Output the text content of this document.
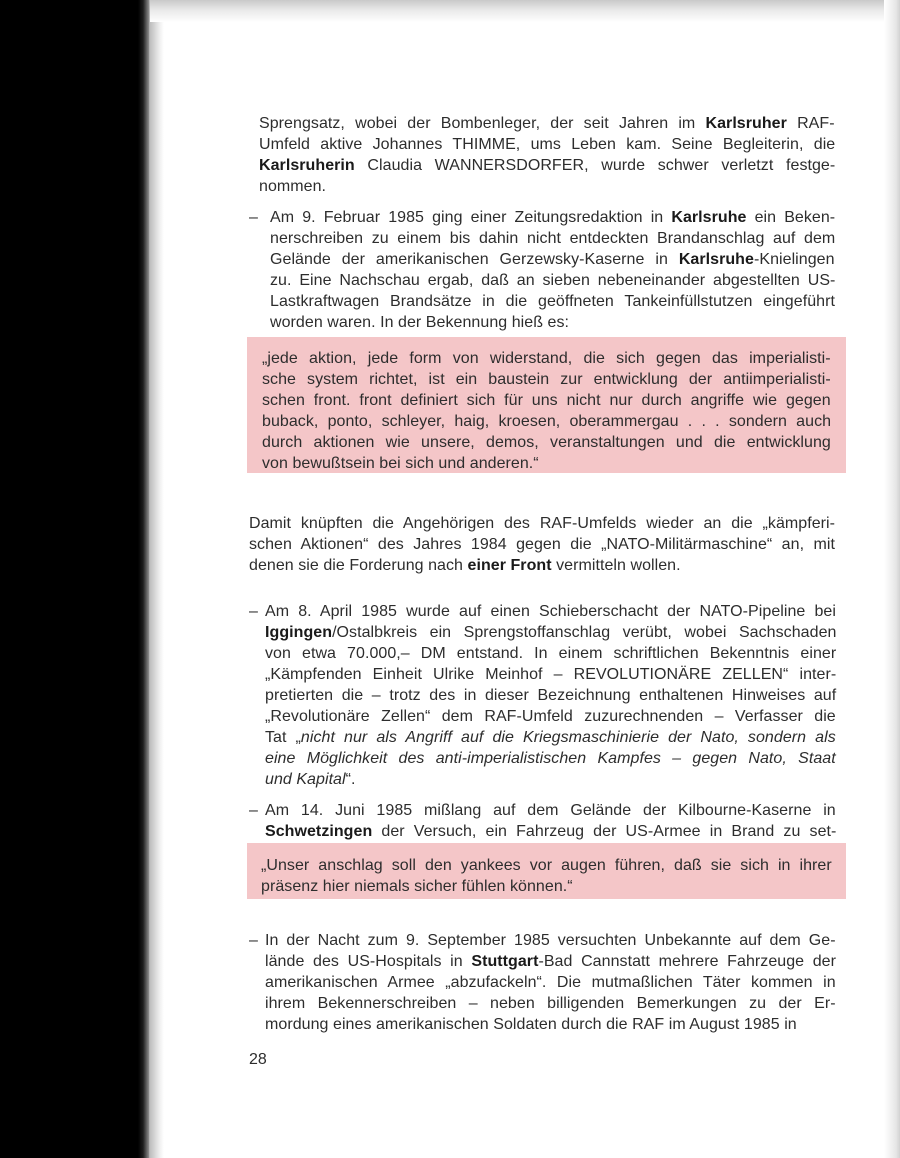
Sprengsatz, wobei der Bombenleger, der seit Jahren im Karlsruher RAF-
Umfeld aktive Johannes THIMME, ums Leben kam. Seine Begleiterin, die
Karlsruherin Claudia WANNERSDORFER, wurde schwer verletzt festge-
nommen.
– Am 9. Februar 1985 ging einer Zeitungsredaktion in Karlsruhe ein Beken-
nerschreiben zu einem bis dahin nicht entdeckten Brandanschlag auf dem
Gelände der amerikanischen Gerzewsky-Kaserne in Karlsruhe-Knielingen
zu. Eine Nachschau ergab, daß an sieben nebeneinander abgestellten US-
Lastkraftwagen Brandsätze in die geöffneten Tankeinfüllstutzen eingeführt
worden waren. In der Bekennung hieß es:
„jede aktion, jede form von widerstand, die sich gegen das imperialisti-
sche system richtet, ist ein baustein zur entwicklung der antiimperialisti-
schen front. front definiert sich für uns nicht nur durch angriffe wie gegen
buback, ponto, schleyer, haig, kroesen, oberammergau . . . sondern auch
durch aktionen wie unsere, demos, veranstaltungen und die entwicklung
von bewußtsein bei sich und anderen.“
Damit knüpften die Angehörigen des RAF-Umfelds wieder an die „kämpferi-
schen Aktionen“ des Jahres 1984 gegen die „NATO-Militärmaschine“ an, mit
denen sie die Forderung nach einer Front vermitteln wollen.
– Am 8. April 1985 wurde auf einen Schieberschacht der NATO-Pipeline bei
Iggingen/Ostalbkreis ein Sprengstoffanschlag verübt, wobei Sachschaden
von etwa 70.000,– DM entstand. In einem schriftlichen Bekenntnis einer
„Kämpfenden Einheit Ulrike Meinhof – REVOLUTIONÄRE ZELLEN“ inter-
pretierten die – trotz des in dieser Bezeichnung enthaltenen Hinweises auf
„Revolutionäre Zellen“ dem RAF-Umfeld zuzurechnenden – Verfasser die
Tat „nicht nur als Angriff auf die Kriegsmaschinierie der Nato, sondern als
eine Möglichkeit des anti-imperialistischen Kampfes – gegen Nato, Staat
und Kapital“.
– Am 14. Juni 1985 mißlang auf dem Gelände der Kilbourne-Kaserne in
Schwetzingen der Versuch, ein Fahrzeug der US-Armee in Brand zu set-
„Unser anschlag soll den yankees vor augen führen, daß sie sich in ihrer
präsenz hier niemals sicher fühlen können.“
– In der Nacht zum 9. September 1985 versuchten Unbekannte auf dem Ge-
lände des US-Hospitals in Stuttgart-Bad Cannstatt mehrere Fahrzeuge der
amerikanischen Armee „abzufackeln“. Die mutmaßlichen Täter kommen in
ihrem Bekennerschreiben – neben billigenden Bemerkungen zu der Er-
mordung eines amerikanischen Soldaten durch die RAF im August 1985 in
28
